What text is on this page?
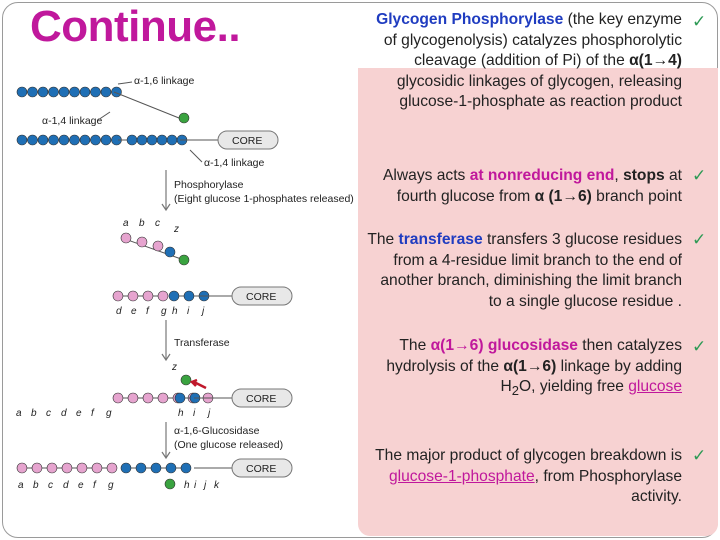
Continue..
α-1,6 linkage
α-1,4 linkage
CORE
α-1,4 linkage
Phosphorylase
(Eight glucose 1-phosphates released)
a b c
z
d e f g h i j
CORE
Transferase
z
CORE
a b c d e f g	h i j
α-1,6-Glucosidase
(One glucose released)
CORE
a b c d e f g	h i j k
Glycogen Phosphorylase (the key enzyme of glycogenolysis) catalyzes phosphorolytic cleavage (addition of Pi) of the α(1→4) glycosidic linkages of glycogen, releasing glucose‑1‑phosphate as reaction product
Always acts at nonreducing end, stops at fourth glucose from α (1→6) branch point
The transferase transfers 3 glucose residues from a 4-residue limit branch to the end of another branch, diminishing the limit branch to a single glucose residue .
The α(1→6) glucosidase then catalyzes hydrolysis of the α(1→6) linkage by adding $H_2O$, yielding free glucose
The major product of glycogen breakdown is glucose‑1‑phosphate, from Phosphorylase activity.
✓
✓
✓
✓
✓
